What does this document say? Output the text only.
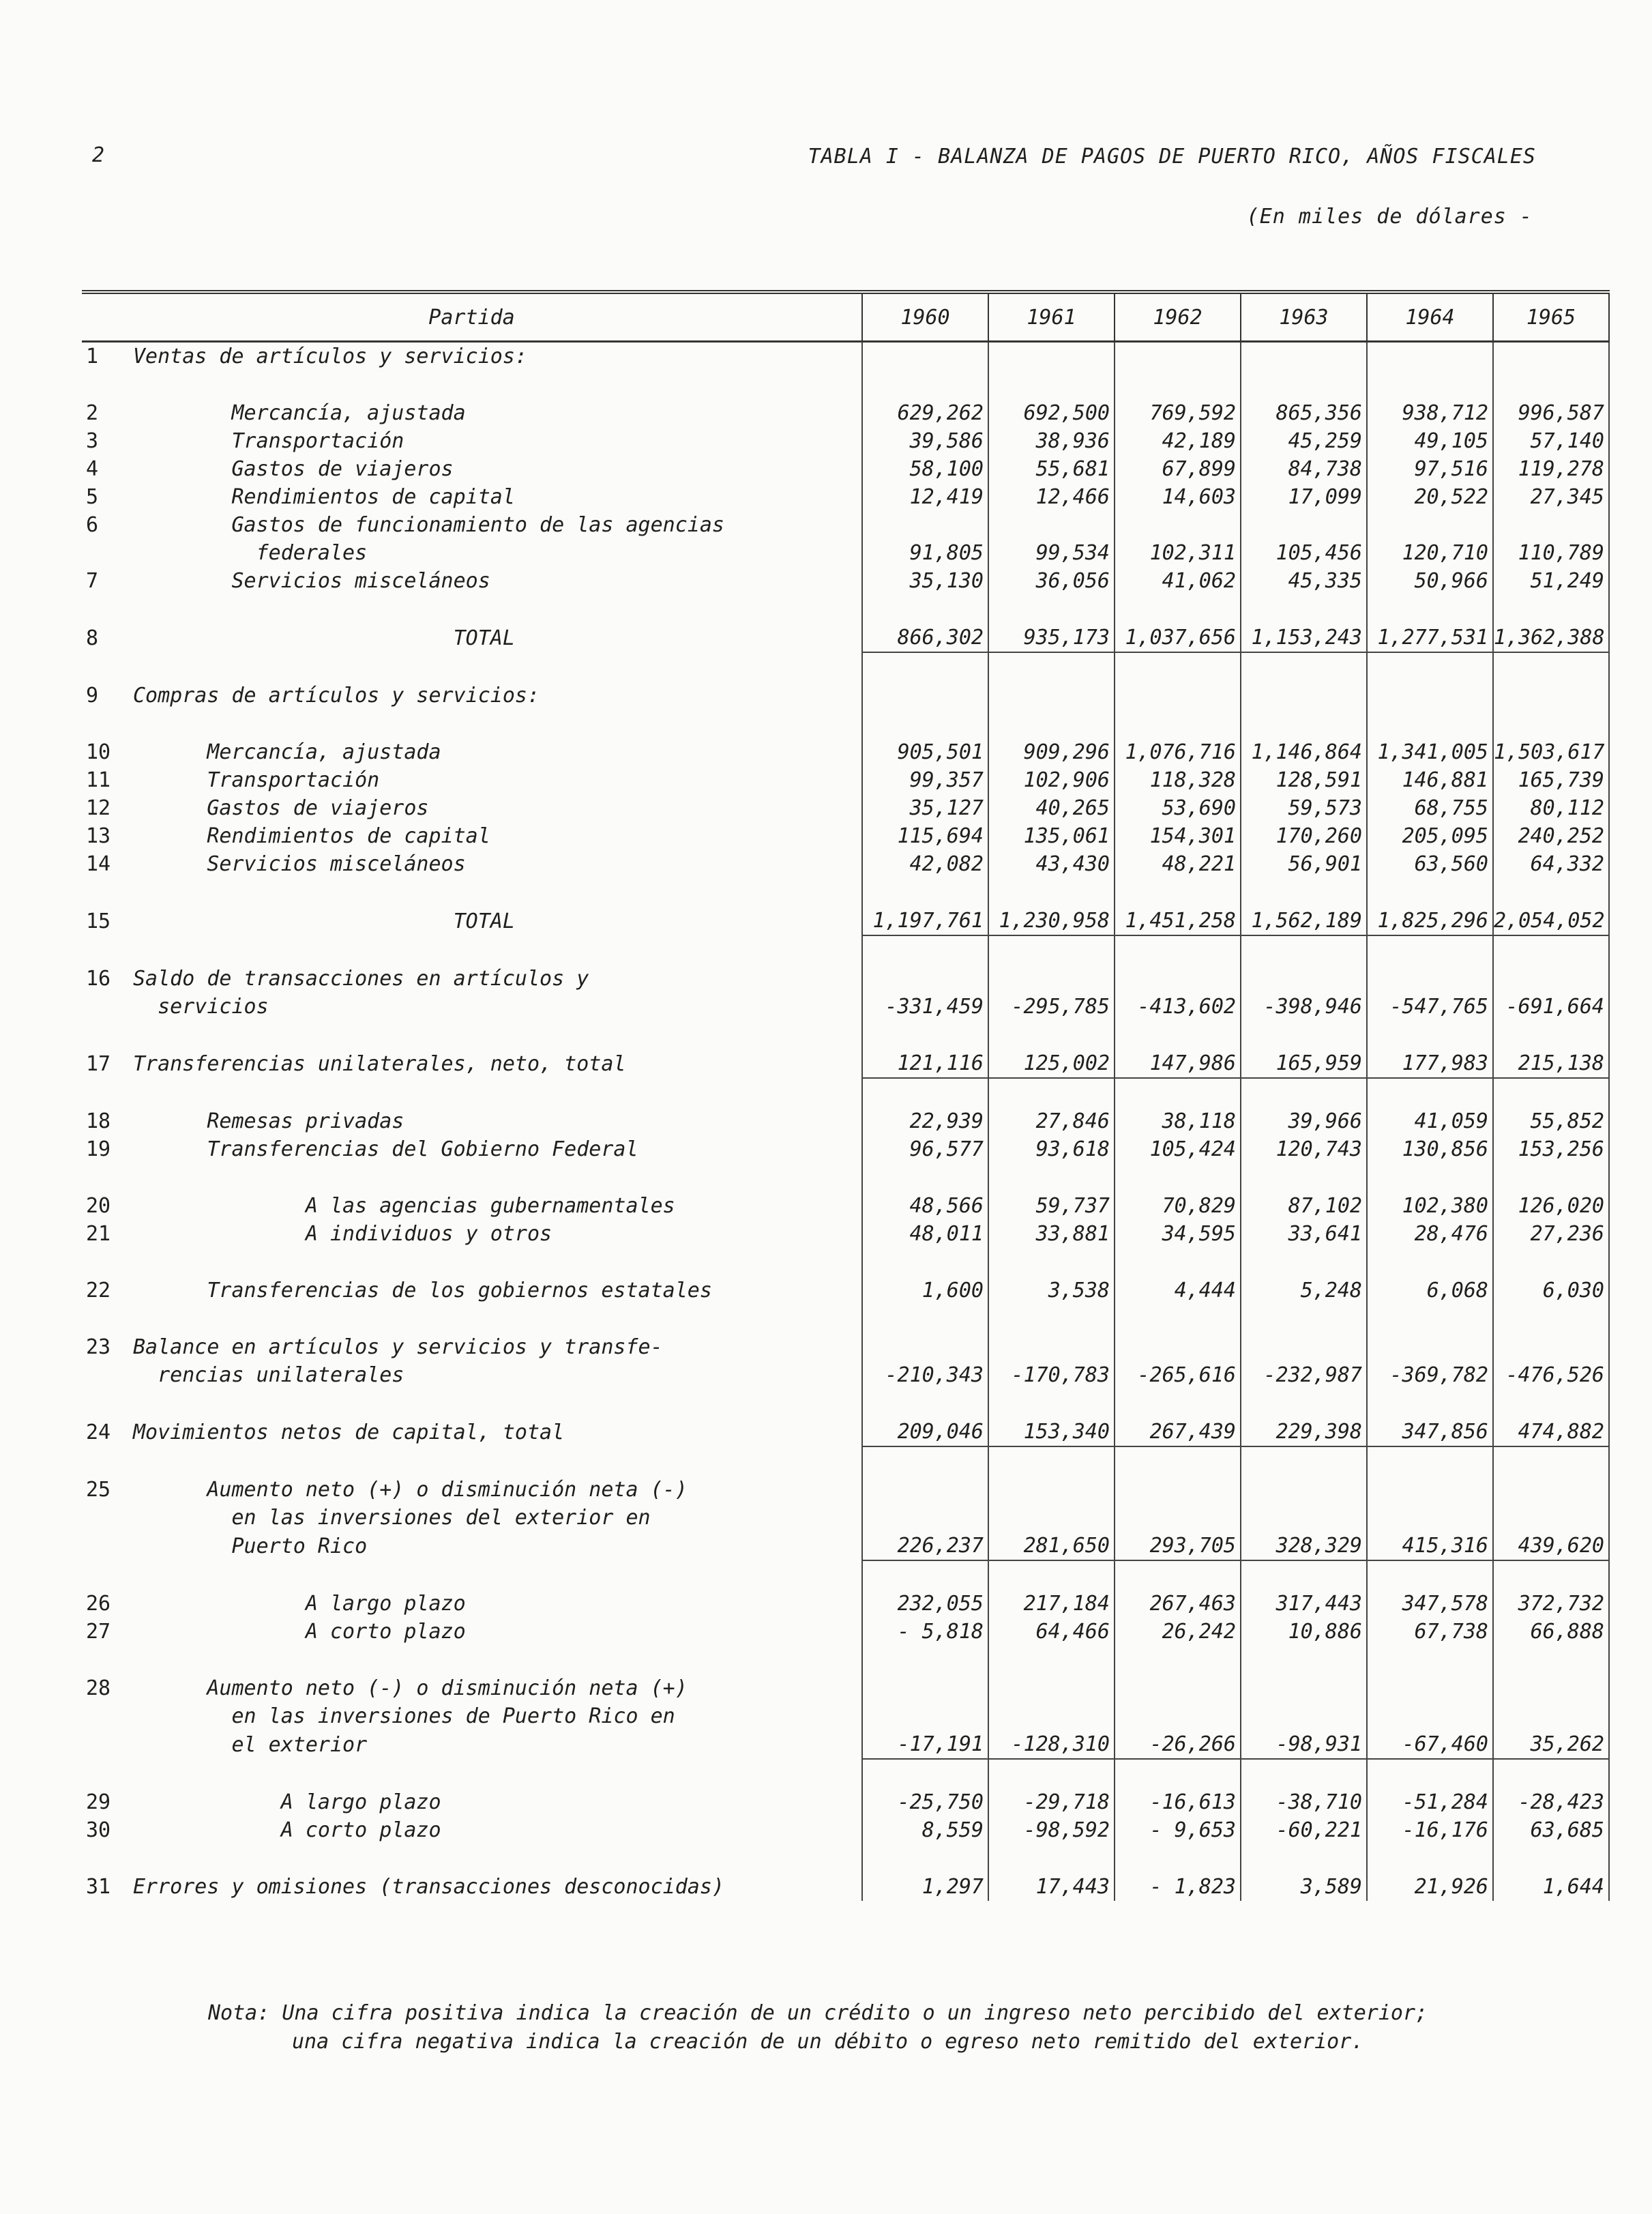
2	TABLA I - BALANZA DE PAGOS DE PUERTO RICO, AÑOS FISCALES
(En miles de dólares -
Partida		1960	1961	1962	1963	1964	1965
1	Ventas de artículos y servicios:						

2	Mercancía, ajustada	629,262	692,500	769,592	865,356	938,712	996,587
3	Transportación	39,586	38,936	42,189	45,259	49,105	57,140
4	Gastos de viajeros	58,100	55,681	67,899	84,738	97,516	119,278
5	Rendimientos de capital	12,419	12,466	14,603	17,099	20,522	27,345
6	Gastos de funcionamiento de las agencias						
	federales	91,805	99,534	102,311	105,456	120,710	110,789
7	Servicios misceláneos	35,130	36,056	41,062	45,335	50,966	51,249

8	TOTAL	866,302	935,173	1,037,656	1,153,243	1,277,531	1,362,388

9	Compras de artículos y servicios:						

10	Mercancía, ajustada	905,501	909,296	1,076,716	1,146,864	1,341,005	1,503,617
11	Transportación	99,357	102,906	118,328	128,591	146,881	165,739
12	Gastos de viajeros	35,127	40,265	53,690	59,573	68,755	80,112
13	Rendimientos de capital	115,694	135,061	154,301	170,260	205,095	240,252
14	Servicios misceláneos	42,082	43,430	48,221	56,901	63,560	64,332

15	TOTAL	1,197,761	1,230,958	1,451,258	1,562,189	1,825,296	2,054,052

16	Saldo de transacciones en artículos y						
	servicios	-331,459	-295,785	-413,602	-398,946	-547,765	-691,664

17	Transferencias unilaterales, neto, total	121,116	125,002	147,986	165,959	177,983	215,138

18	Remesas privadas	22,939	27,846	38,118	39,966	41,059	55,852
19	Transferencias del Gobierno Federal	96,577	93,618	105,424	120,743	130,856	153,256

20	A las agencias gubernamentales	48,566	59,737	70,829	87,102	102,380	126,020
21	A individuos y otros	48,011	33,881	34,595	33,641	28,476	27,236

22	Transferencias de los gobiernos estatales	1,600	3,538	4,444	5,248	6,068	6,030

23	Balance en artículos y servicios y transfe-						
	rencias unilaterales	-210,343	-170,783	-265,616	-232,987	-369,782	-476,526

24	Movimientos netos de capital, total	209,046	153,340	267,439	229,398	347,856	474,882

25	Aumento neto (+) o disminución neta (-)						
	en las inversiones del exterior en						
	Puerto Rico	226,237	281,650	293,705	328,329	415,316	439,620

26	A largo plazo	232,055	217,184	267,463	317,443	347,578	372,732
27	A corto plazo	- 5,818	64,466	26,242	10,886	67,738	66,888

28	Aumento neto (-) o disminución neta (+)						
	en las inversiones de Puerto Rico en						
	el exterior	-17,191	-128,310	-26,266	-98,931	-67,460	35,262

29	A largo plazo	-25,750	-29,718	-16,613	-38,710	-51,284	-28,423
30	A corto plazo	8,559	-98,592	- 9,653	-60,221	-16,176	63,685

31	Errores y omisiones (transacciones desconocidas)	1,297	17,443	- 1,823	3,589	21,926	1,644
Nota: Una cifra positiva indica la creación de un crédito o un ingreso neto percibido del exterior;
una cifra negativa indica la creación de un débito o egreso neto remitido del exterior.
